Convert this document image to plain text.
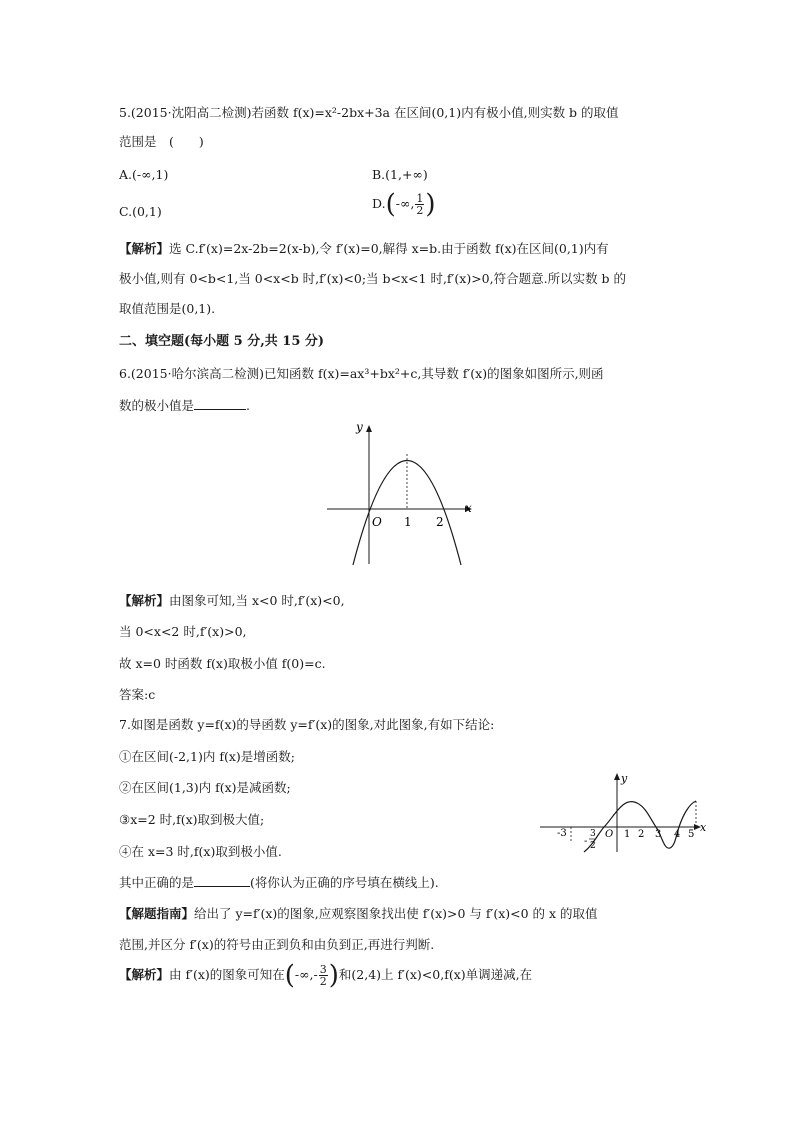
5.(2015·沈阳高二检测)若函数 f(x)=x²-2bx+3a 在区间(0,1)内有极小值,则实数 b 的取值
范围是　(　　)
A.(-∞,1)	B.(1,+∞)
C.(0,1)
D.(-∞, $\frac{1}{2}$ )
【解析】选 C.f′(x)=2x-2b=2(x-b),令 f′(x)=0,解得 x=b.由于函数 f(x)在区间(0,1)内有
极小值,则有 0<b<1,当 0<x<b 时,f′(x)<0;当 b<x<1 时,f′(x)>0,符合题意.所以实数 b 的
取值范围是(0,1).
二、填空题(每小题 5 分,共 15 分)
6.(2015·哈尔滨高二检测)已知函数 f(x)=ax³+bx²+c,其导数 f′(x)的图象如图所示,则函
数的极小值是	.
y
x
O 1 2
【解析】由图象可知,当 x<0 时,f′(x)<0,
当 0<x<2 时,f′(x)>0,
故 x=0 时函数 f(x)取极小值 f(0)=c.
答案:c
7.如图是函数 y=f(x)的导函数 y=f′(x)的图象,对此图象,有如下结论:
①在区间(-2,1)内 f(x)是增函数;
②在区间(1,3)内 f(x)是减函数;
③x=2 时,f(x)取到极大值;
④在 x=3 时,f(x)取到极小值.
其中正确的是	(将你认为正确的序号填在横线上).
y
x
-3
-
3
2
O 1 2 3 4 5
【解题指南】给出了 y=f′(x)的图象,应观察图象找出使 f′(x)>0 与 f′(x)<0 的 x 的取值
范围,并区分 f′(x)的符号由正到负和由负到正,再进行判断.
【解析】由 f′(x)的图象可知在(-∞,- $\frac{3}{2}$ )和(2,4)上 f′(x)<0,f(x)单调递减,在
